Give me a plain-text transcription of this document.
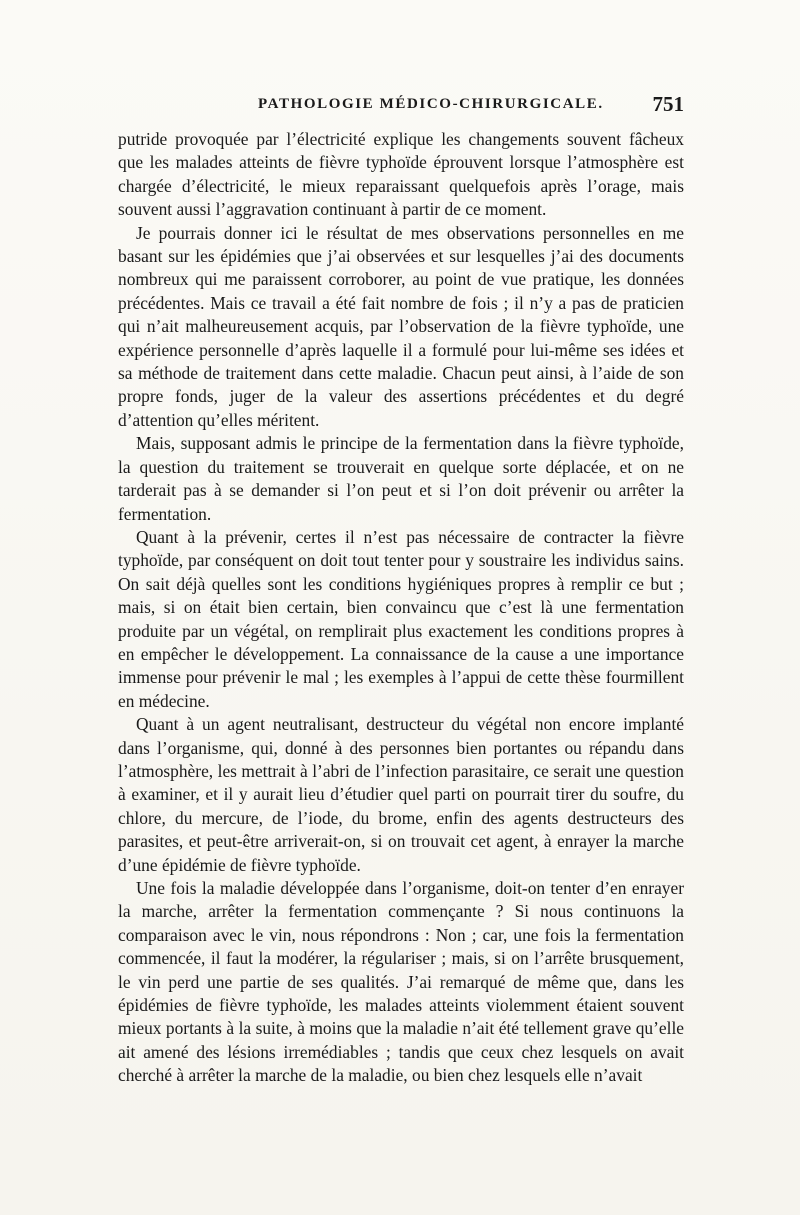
PATHOLOGIE MÉDICO-CHIRURGICALE. 751

putride provoquée par l’électricité explique les changements souvent fâcheux que les malades atteints de fièvre typhoïde éprouvent lorsque l’atmosphère est chargée d’électricité, le mieux reparaissant quelquefois après l’orage, mais souvent aussi l’aggravation continuant à partir de ce moment.

Je pourrais donner ici le résultat de mes observations personnelles en me basant sur les épidémies que j’ai observées et sur lesquelles j’ai des documents nombreux qui me paraissent corroborer, au point de vue pratique, les données précédentes. Mais ce travail a été fait nombre de fois ; il n’y a pas de praticien qui n’ait malheureusement acquis, par l’observation de la fièvre typhoïde, une expérience personnelle d’après laquelle il a formulé pour lui-même ses idées et sa méthode de traitement dans cette maladie. Chacun peut ainsi, à l’aide de son propre fonds, juger de la valeur des assertions précédentes et du degré d’attention qu’elles méritent.

Mais, supposant admis le principe de la fermentation dans la fièvre typhoïde, la question du traitement se trouverait en quelque sorte déplacée, et on ne tarderait pas à se demander si l’on peut et si l’on doit prévenir ou arrêter la fermentation.

Quant à la prévenir, certes il n’est pas nécessaire de contracter la fièvre typhoïde, par conséquent on doit tout tenter pour y soustraire les individus sains. On sait déjà quelles sont les conditions hygiéniques propres à remplir ce but ; mais, si on était bien certain, bien convaincu que c’est là une fermentation produite par un végétal, on remplirait plus exactement les conditions propres à en empêcher le développement. La connaissance de la cause a une importance immense pour prévenir le mal ; les exemples à l’appui de cette thèse fourmillent en médecine.

Quant à un agent neutralisant, destructeur du végétal non encore implanté dans l’organisme, qui, donné à des personnes bien portantes ou répandu dans l’atmosphère, les mettrait à l’abri de l’infection parasitaire, ce serait une question à examiner, et il y aurait lieu d’étudier quel parti on pourrait tirer du soufre, du chlore, du mercure, de l’iode, du brome, enfin des agents destructeurs des parasites, et peut-être arriverait-on, si on trouvait cet agent, à enrayer la marche d’une épidémie de fièvre typhoïde.

Une fois la maladie développée dans l’organisme, doit-on tenter d’en enrayer la marche, arrêter la fermentation commençante ? Si nous continuons la comparaison avec le vin, nous répondrons : Non ; car, une fois la fermentation commencée, il faut la modérer, la régulariser ; mais, si on l’arrête brusquement, le vin perd une partie de ses qualités. J’ai remarqué de même que, dans les épidémies de fièvre typhoïde, les malades atteints violemment étaient souvent mieux portants à la suite, à moins que la maladie n’ait été tellement grave qu’elle ait amené des lésions irremédiables ; tandis que ceux chez lesquels on avait cherché à arrêter la marche de la maladie, ou bien chez lesquels elle n’avait
